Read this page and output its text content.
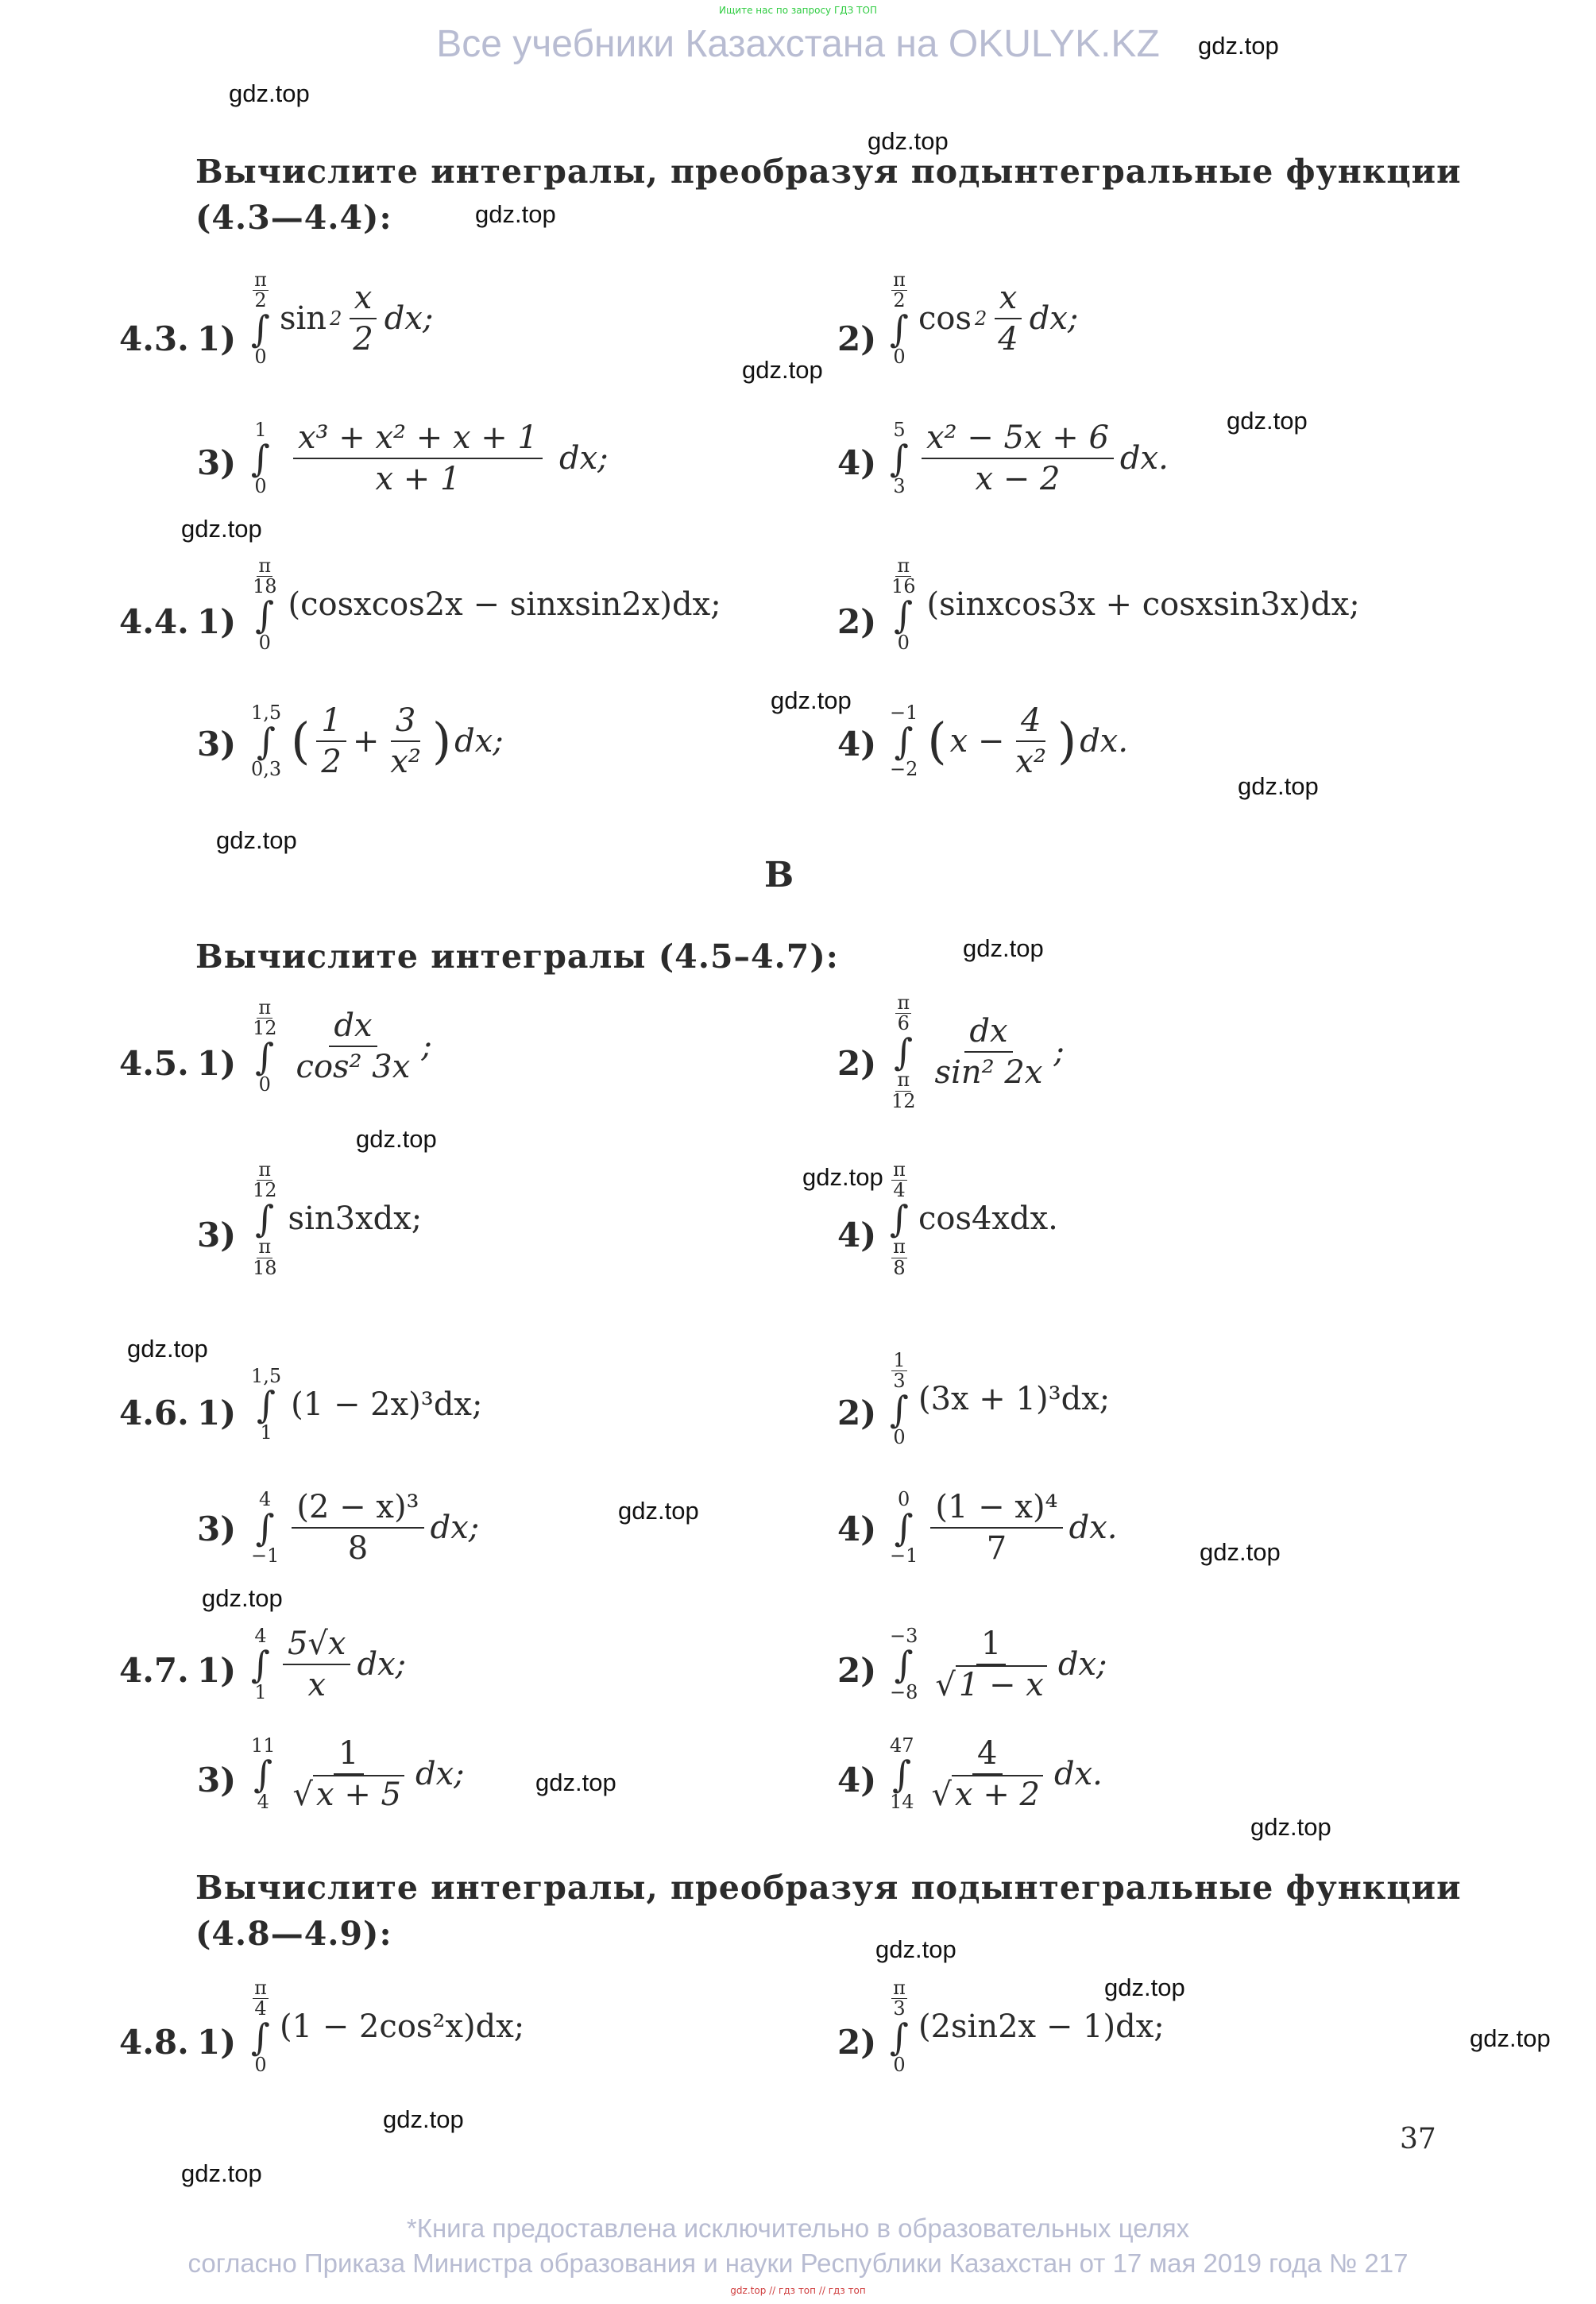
Ищите нас по запросу ГДЗ ТОП
Все учебники Казахстана на OKULYK.KZ	gdz.top
gdz.top
gdz.top
gdz.top
gdz.top
gdz.top
gdz.top
gdz.top
gdz.top
gdz.top
gdz.top
gdz.top
gdz.top
gdz.top
gdz.top
gdz.top
gdz.top
gdz.top
gdz.top
gdz.top
gdz.top
gdz.top
gdz.top
gdz.top
Вычислите интегралы, преобразуя подынтегральные функции
(4.3—4.4):
4.3. 1)
π
2
∫
0
$\sin 2 \frac{x}{2}$ dx;
2)
π
2
∫
0
$\cos 2 \frac{x}{4}$ dx;
3)
1
∫
$0 \frac{\text{x³ + x² + x + 1}}{x + 1}$ dx;	4)
5
∫
$3 \frac{\text{x² − 5x + 6}}{x - 2}$ dx.
4.4. 1)
π
18
∫
0
(cosxcos2x − sinxsin2x)dx;	2)
π
16
∫
0
(sinxcos3x + cosxsin3x)dx;
3)
1,5
∫
0,3 ( $\frac{1}{2} + \frac{3}{\text{x²}}$ ) dx;	4)
−1
∫
−2 ( $x - \frac{4}{\text{x²}}$ ) dx.
B
Вычислите интегралы (4.5–4.7):
4.5. 1)
π
12
∫
$0 \frac{dx}{\text{cos² 3x}}$ ;	2)
π
6
∫
π
12
$\frac{dx}{\text{sin² 2x}}$ ;
3)
π
12
∫
π
18
sin3xdx;	4)
π
4
∫
π
8
cos4xdx.
4.6. 1)
1,5
∫
1
(1 − 2x)³dx;	2)
1
3
∫
0
(3x + 1)³dx;
3)
4
∫
$-1 \frac{\text{(2 − x)³}}{8}$ dx;	4)
0
∫
$-1 \frac{\text{(1 − x)⁴}}{7}$ dx.
4.7. 1)
4
∫
$1 \frac{5√x}{x}$ dx;	2)
−3
∫
$-8 \frac{1}{√ 1 - x}$ dx;
3)
11
∫
$4 \frac{1}{√ x + 5}$ dx;	4)
47
∫
$14 \frac{4}{√ x + 2}$ dx.
Вычислите интегралы, преобразуя подынтегральные функции
(4.8—4.9):
4.8. 1)
π
4
∫
0
(1 − 2cos²x)dx;	2)
π
3
∫
0
(2sin2x − 1)dx;
37
*Книга предоставлена исключительно в образовательных целях
согласно Приказа Министра образования и науки Республики Казахстан от 17 мая 2019 года № 217
gdz.top // гдз топ // гдз топ
